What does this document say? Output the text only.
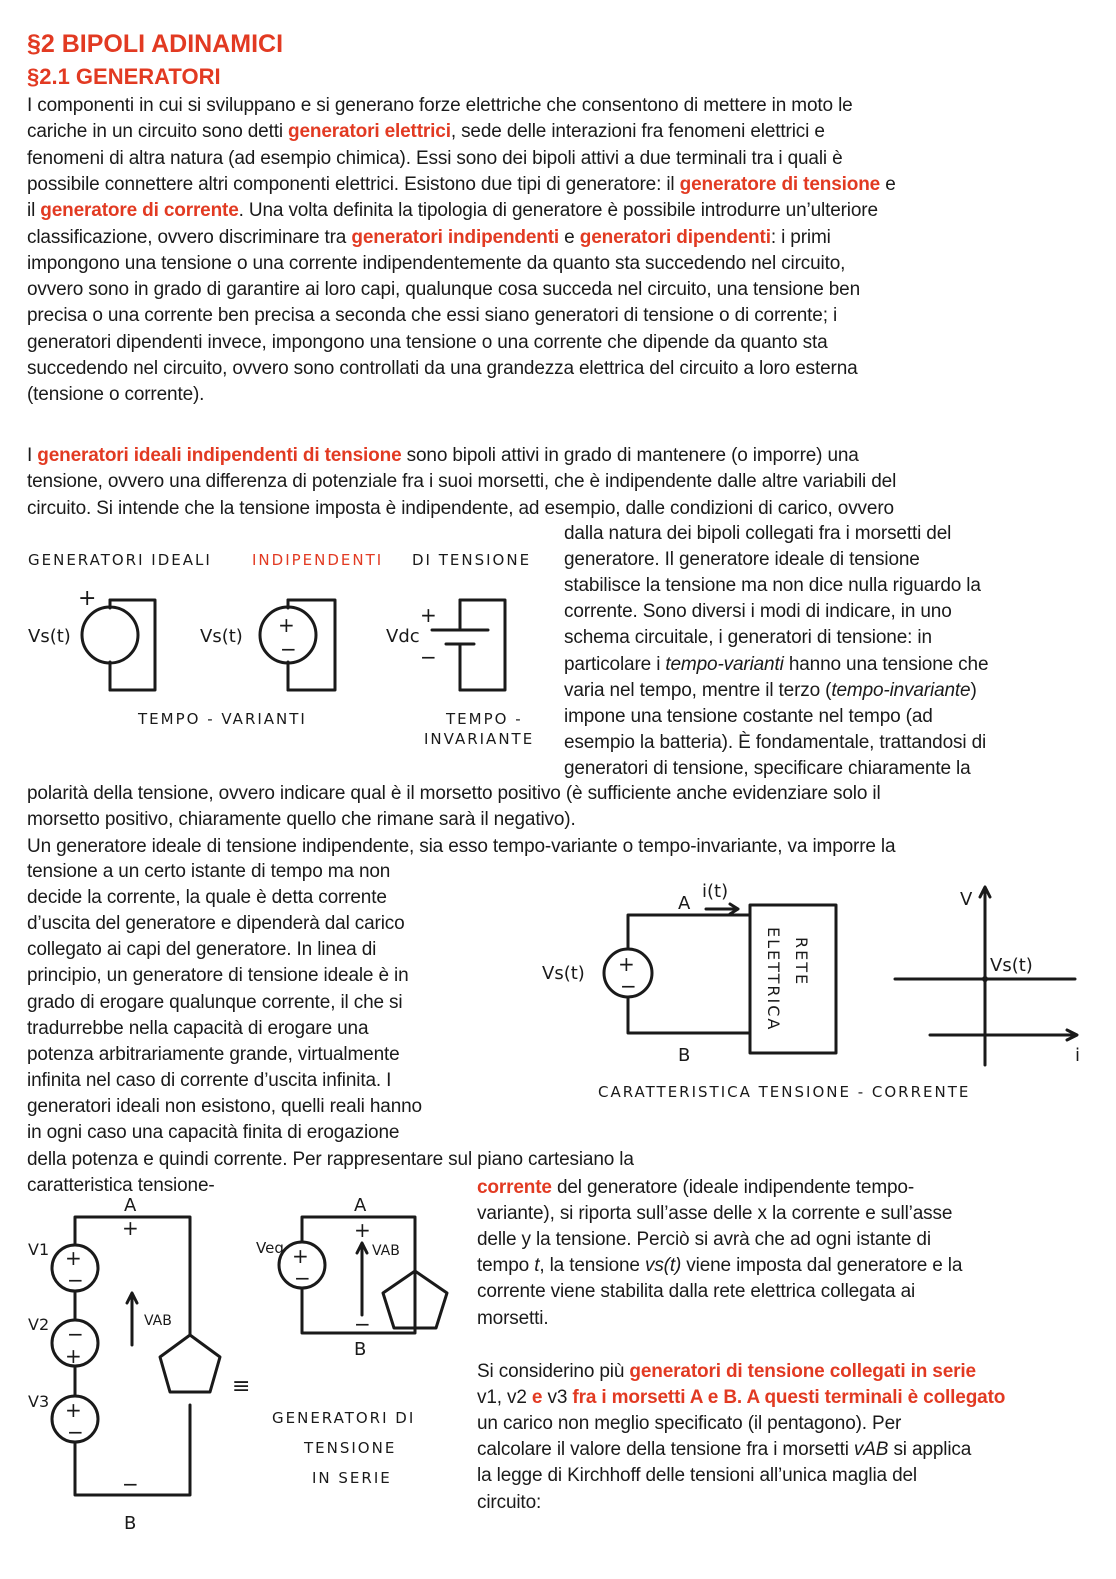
§2 BIPOLI ADINAMICI
§2.1 GENERATORI
I componenti in cui si sviluppano e si generano forze elettriche che consentono di mettere in moto le
cariche in un circuito sono detti generatori elettrici, sede delle interazioni fra fenomeni elettrici e
fenomeni di altra natura (ad esempio chimica). Essi sono dei bipoli attivi a due terminali tra i quali è
possibile connettere altri componenti elettrici. Esistono due tipi di generatore: il generatore di tensione e
il generatore di corrente. Una volta definita la tipologia di generatore è possibile introdurre un’ulteriore
classificazione, ovvero discriminare tra generatori indipendenti e generatori dipendenti: i primi
impongono una tensione o una corrente indipendentemente da quanto sta succedendo nel circuito,
ovvero sono in grado di garantire ai loro capi, qualunque cosa succeda nel circuito, una tensione ben
precisa o una corrente ben precisa a seconda che essi siano generatori di tensione o di corrente; i
generatori dipendenti invece, impongono una tensione o una corrente che dipende da quanto sta
succedendo nel circuito, ovvero sono controllati da una grandezza elettrica del circuito a loro esterna
(tensione o corrente).
I generatori ideali indipendenti di tensione sono bipoli attivi in grado di mantenere (o imporre) una
tensione, ovvero una differenza di potenziale fra i suoi morsetti, che è indipendente dalle altre variabili del
circuito. Si intende che la tensione imposta è indipendente, ad esempio, dalle condizioni di carico, ovvero
dalla natura dei bipoli collegati fra i morsetti del
generatore. Il generatore ideale di tensione
stabilisce la tensione ma non dice nulla riguardo la
corrente. Sono diversi i modi di indicare, in uno
schema circuitale, i generatori di tensione: in
particolare i tempo-varianti hanno una tensione che
varia nel tempo, mentre il terzo (tempo-invariante)
impone una tensione costante nel tempo (ad
esempio la batteria). È fondamentale, trattandosi di
generatori di tensione, specificare chiaramente la
polarità della tensione, ovvero indicare qual è il morsetto positivo (è sufficiente anche evidenziare solo il
morsetto positivo, chiaramente quello che rimane sarà il negativo).
Un generatore ideale di tensione indipendente, sia esso tempo-variante o tempo-invariante, va imporre la
tensione a un certo istante di tempo ma non
decide la corrente, la quale è detta corrente
d’uscita del generatore e dipenderà dal carico
collegato ai capi del generatore. In linea di
principio, un generatore di tensione ideale è in
grado di erogare qualunque corrente, il che si
tradurrebbe nella capacità di erogare una
potenza arbitrariamente grande, virtualmente
infinita nel caso di corrente d’uscita infinita. I
generatori ideali non esistono, quelli reali hanno
in ogni caso una capacità finita di erogazione
della potenza e quindi corrente. Per rappresentare sul piano cartesiano la
caratteristica tensione-	corrente del generatore (ideale indipendente tempo-
variante), si riporta sull’asse delle x la corrente e sull’asse
delle y la tensione. Perciò si avrà che ad ogni istante di
tempo t, la tensione vs(t) viene imposta dal generatore e la
corrente viene stabilita dalla rete elettrica collegata ai
morsetti.
Si considerino più generatori di tensione collegati in serie
v1, v2 e v3 fra i morsetti A e B. A questi terminali è collegato
un carico non meglio specificato (il pentagono). Per
calcolare il valore della tensione fra i morsetti vAB si applica
la legge di Kirchhoff delle tensioni all’unica maglia del
circuito:
GENERATORI IDEALI	INDIPENDENTI DI TENSIONE
+
Vs(t)	+
−
Vs(t)
+
−
Vdc
TEMPO - VARIANTI	TEMPO -
INVARIANTE
+
−
Vs(t)
A
B
i(t)
RETE
ELETTRICA
V
i
Vs(t)
CARATTERISTICA TENSIONE - CORRENTE
+
−
−
+
+
−
V1
V2
V3
A
+
−
B
VAB
≡
+
−
Veq
A
+
−
B
VAB
GENERATORI DI
TENSIONE
IN SERIE
